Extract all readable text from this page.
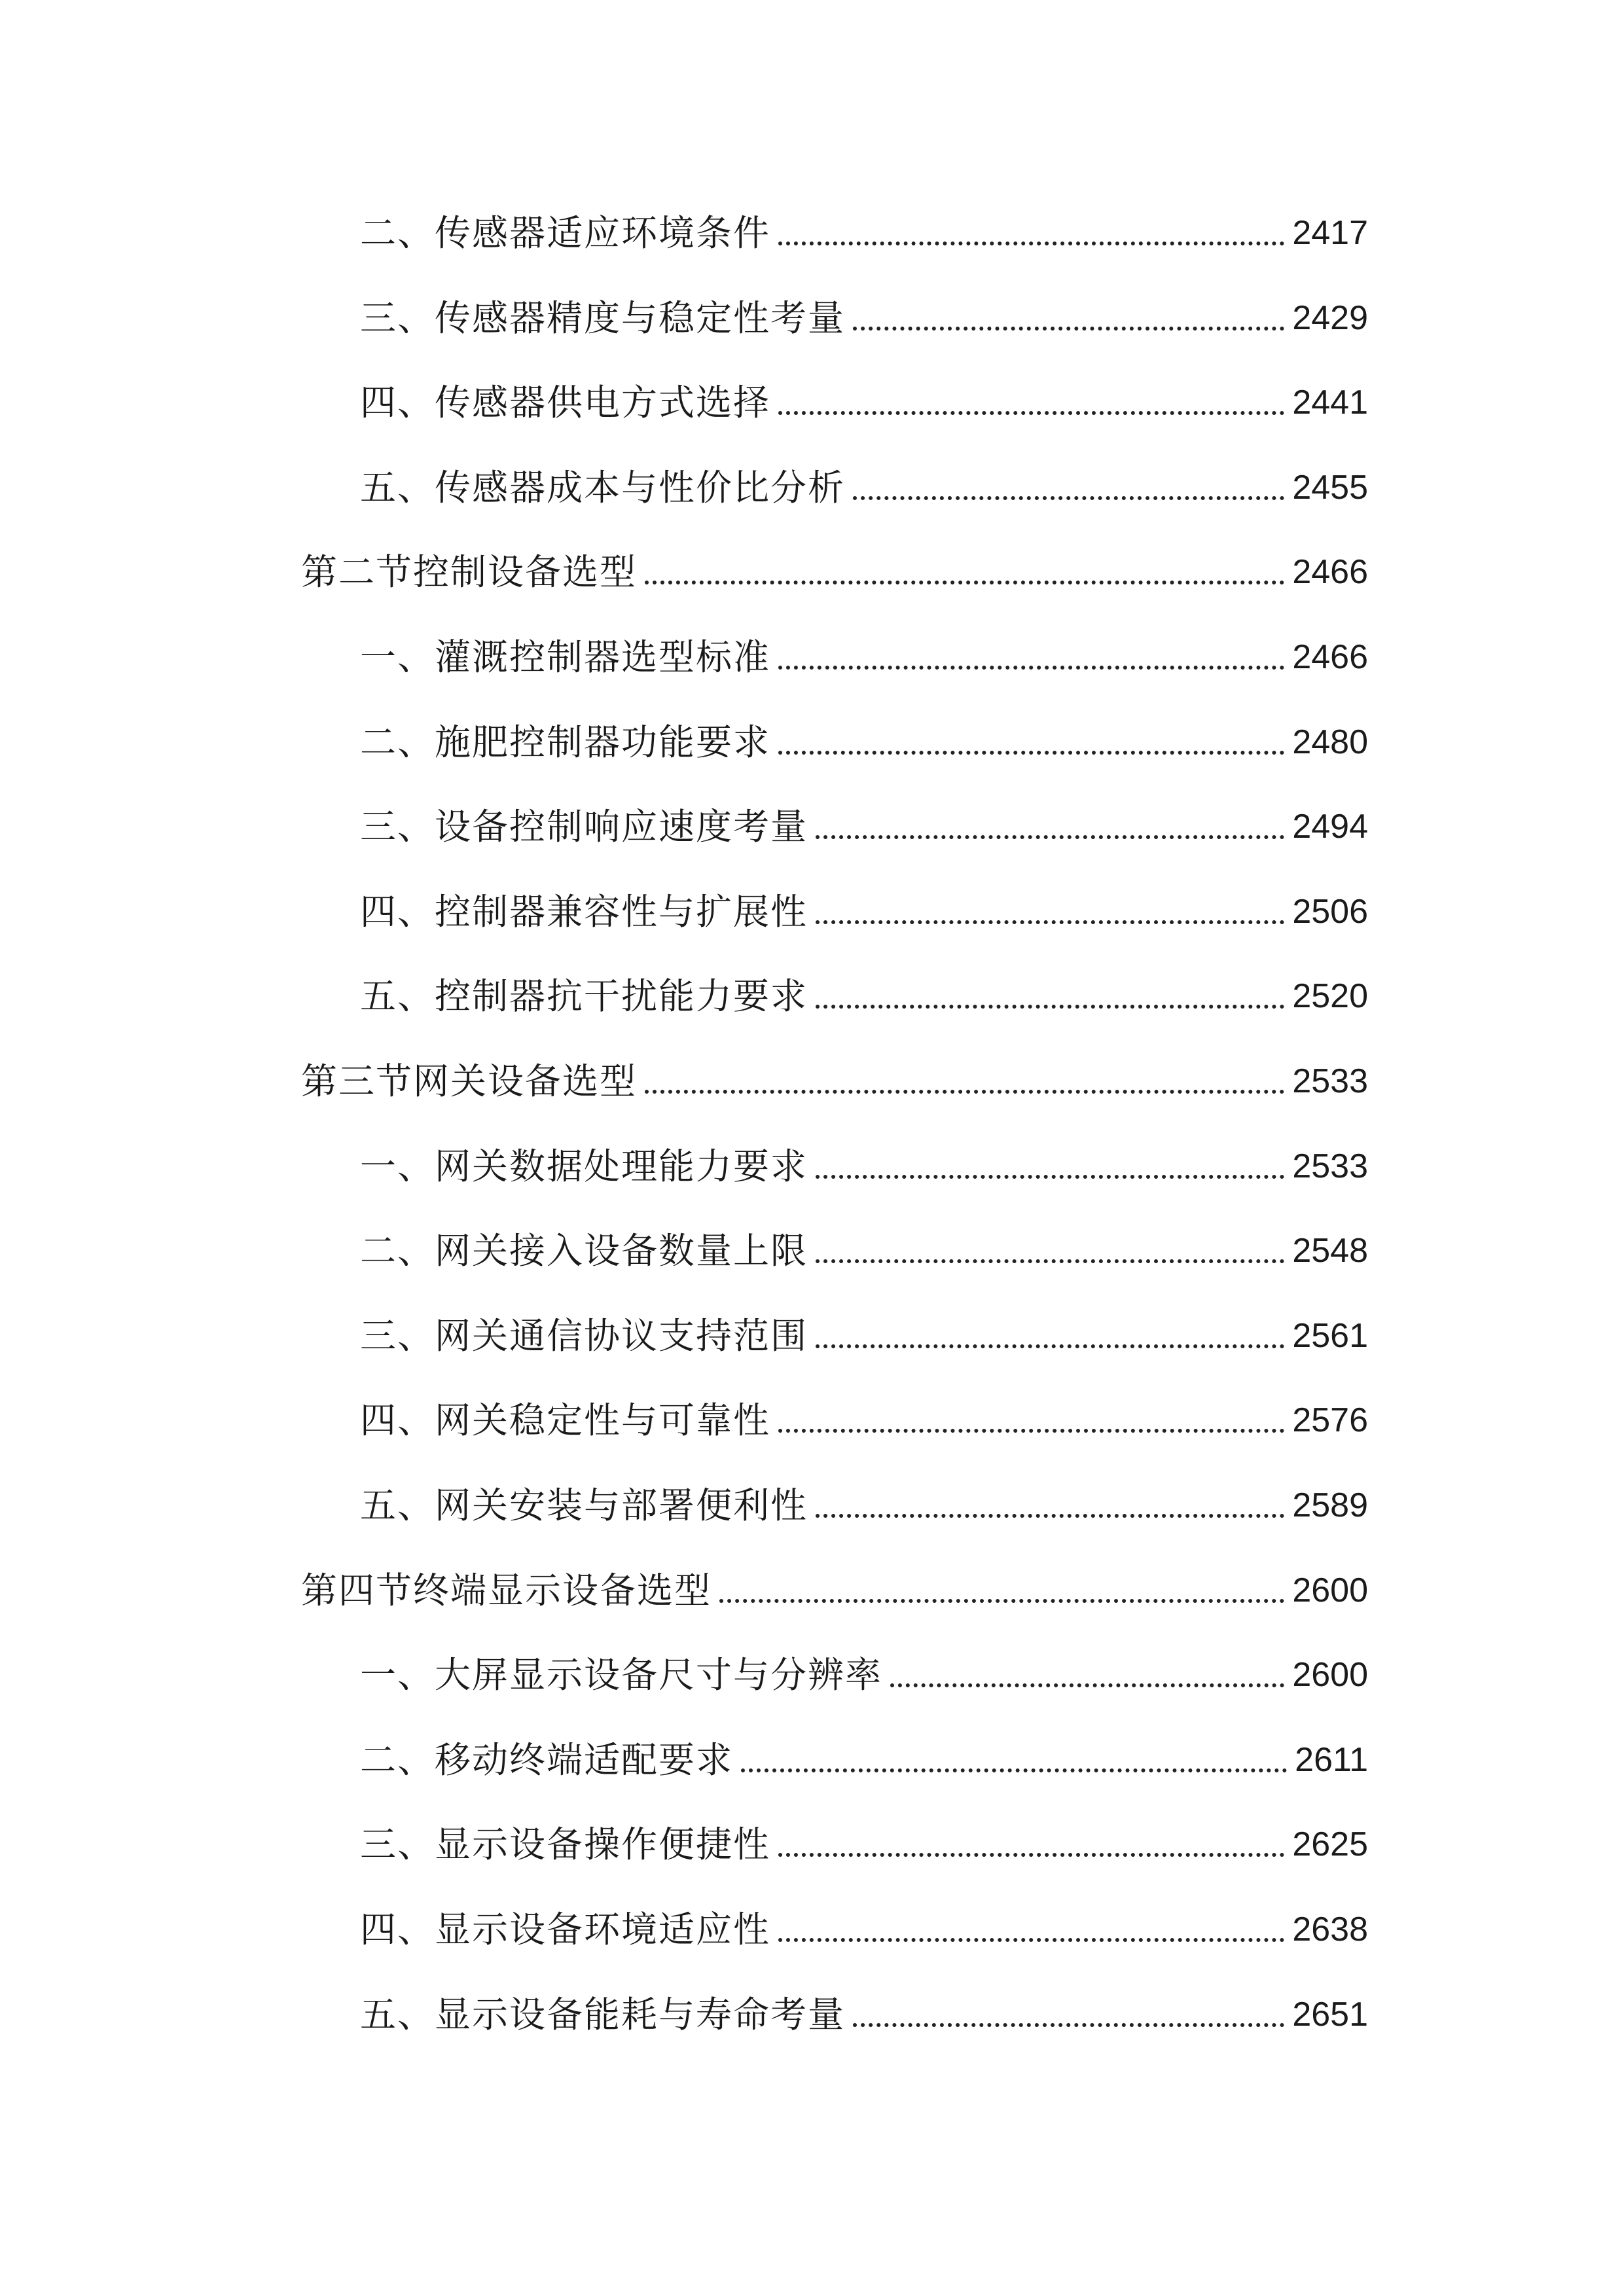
二、传感器适应环境条件	2417
三、传感器精度与稳定性考量	2429
四、传感器供电方式选择	2441
五、传感器成本与性价比分析	2455
第二节控制设备选型	2466
一、灌溉控制器选型标准	2466
二、施肥控制器功能要求	2480
三、设备控制响应速度考量	2494
四、控制器兼容性与扩展性	2506
五、控制器抗干扰能力要求	2520
第三节网关设备选型	2533
一、网关数据处理能力要求	2533
二、网关接入设备数量上限	2548
三、网关通信协议支持范围	2561
四、网关稳定性与可靠性	2576
五、网关安装与部署便利性	2589
第四节终端显示设备选型	2600
一、大屏显示设备尺寸与分辨率	2600
二、移动终端适配要求	2611
三、显示设备操作便捷性	2625
四、显示设备环境适应性	2638
五、显示设备能耗与寿命考量	2651
